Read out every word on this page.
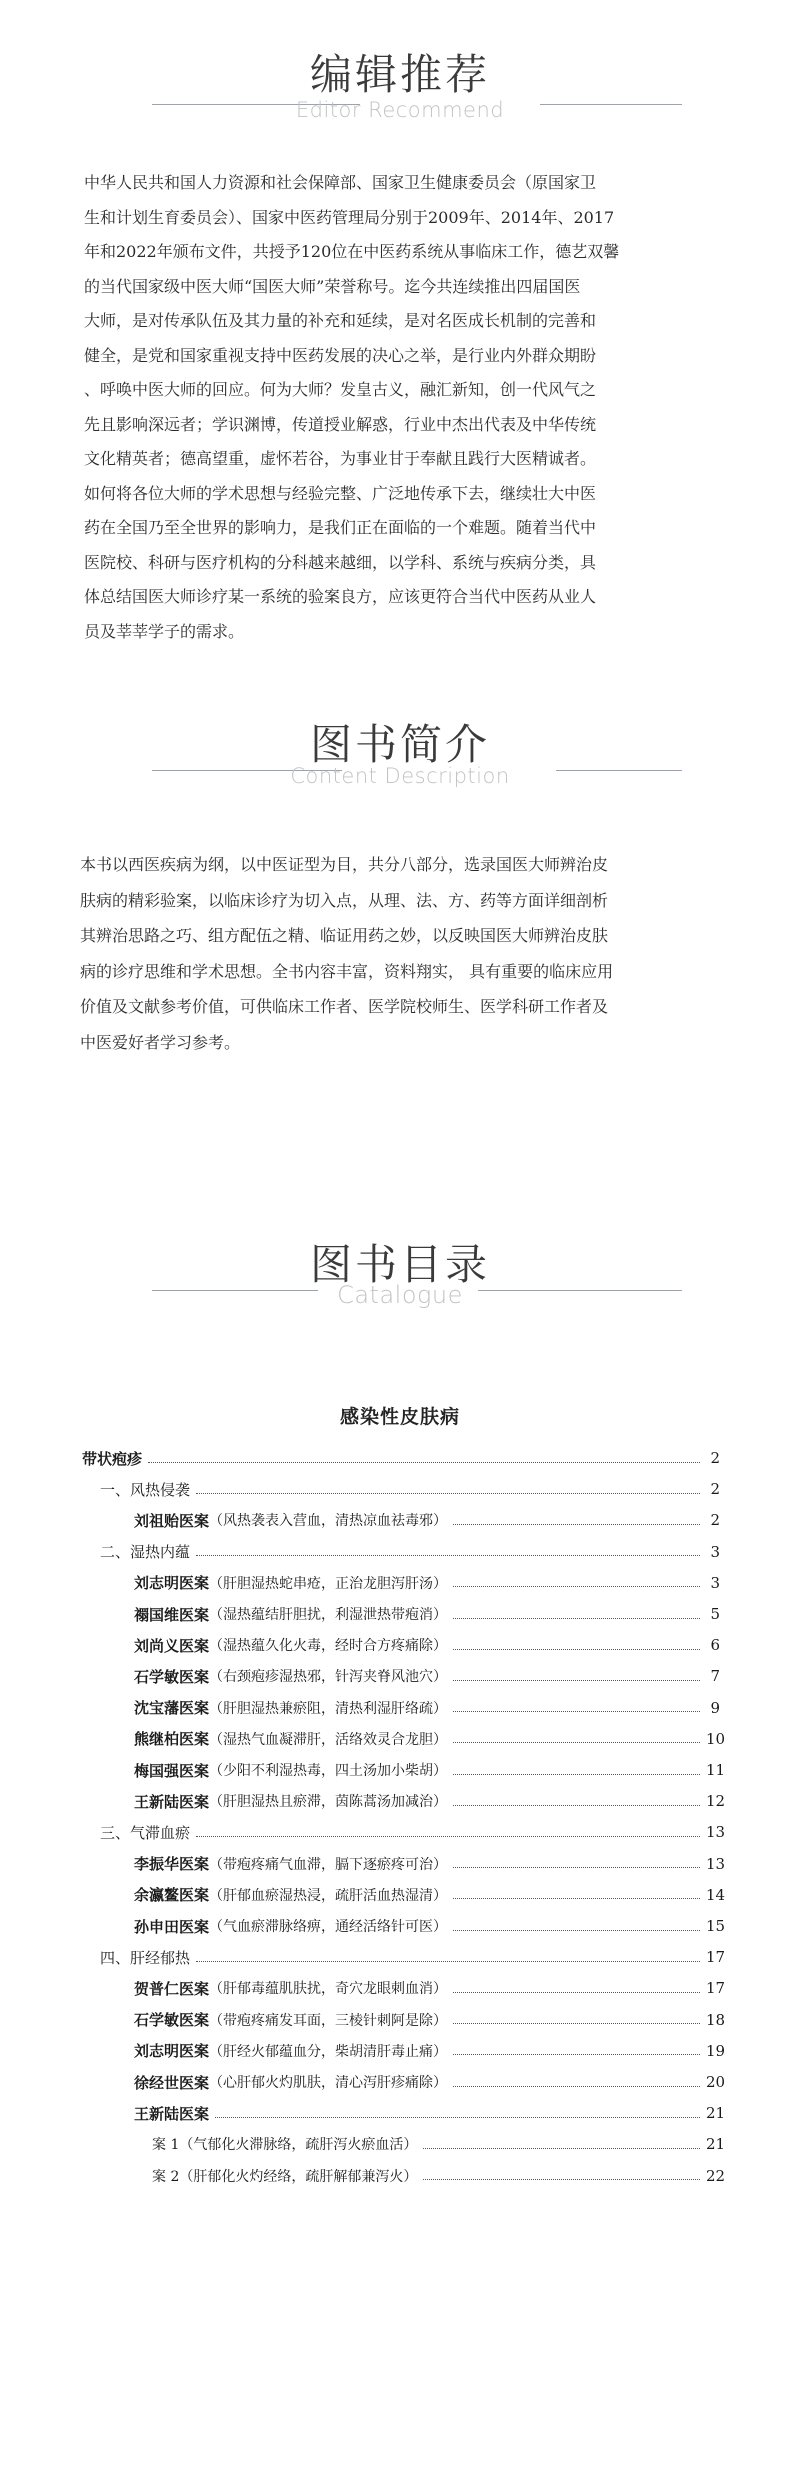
编辑推荐
Editor Recommend
中华人民共和国人力资源和社会保障部、国家卫生健康委员会（原国家卫
生和计划生育委员会）、国家中医药管理局分别于2009年、2014年、2017
年和2022年颁布文件，共授予120位在中医药系统从事临床工作，德艺双馨
的当代国家级中医大师“国医大师”荣誉称号。迄今共连续推出四届国医
大师，是对传承队伍及其力量的补充和延续，是对名医成长机制的完善和
健全，是党和国家重视支持中医药发展的决心之举，是行业内外群众期盼
、呼唤中医大师的回应。何为大师？发皇古义，融汇新知，创一代风气之
先且影响深远者；学识渊博，传道授业解惑，行业中杰出代表及中华传统
文化精英者；德高望重，虚怀若谷，为事业甘于奉献且践行大医精诚者。
如何将各位大师的学术思想与经验完整、广泛地传承下去，继续壮大中医
药在全国乃至全世界的影响力，是我们正在面临的一个难题。随着当代中
医院校、科研与医疗机构的分科越来越细，以学科、系统与疾病分类，具
体总结国医大师诊疗某一系统的验案良方，应该更符合当代中医药从业人
员及莘莘学子的需求。
图书简介
Content Description
本书以西医疾病为纲，以中医证型为目，共分八部分，选录国医大师辨治皮
肤病的精彩验案，以临床诊疗为切入点，从理、法、方、药等方面详细剖析
其辨治思路之巧、组方配伍之精、临证用药之妙，以反映国医大师辨治皮肤
病的诊疗思维和学术思想。全书内容丰富，资料翔实， 具有重要的临床应用
价值及文献参考价值，可供临床工作者、医学院校师生、医学科研工作者及
中医爱好者学习参考。
图书目录
Catalogue
感染性皮肤病
带状疱疹	2
一、风热侵袭	2
刘祖贻医案 （风热袭表入营血，清热凉血祛毒邪）	2
二、湿热内蕴	3
刘志明医案 （肝胆湿热蛇串疮，正治龙胆泻肝汤）	3
禤国维医案 （湿热蕴结肝胆扰，利湿泄热带疱消）	5
刘尚义医案 （湿热蕴久化火毒，经时合方疼痛除）	6
石学敏医案 （右颈疱疹湿热邪，针泻夹脊风池穴）	7
沈宝藩医案 （肝胆湿热兼瘀阻，清热利湿肝络疏）	9
熊继柏医案 （湿热气血凝滞肝，活络效灵合龙胆）	10
梅国强医案 （少阳不利湿热毒，四土汤加小柴胡）	11
王新陆医案 （肝胆湿热且瘀滞，茵陈蒿汤加减治）	12
三、气滞血瘀	13
李振华医案 （带疱疼痛气血滞，膈下逐瘀疼可治）	13
余瀛鳌医案 （肝郁血瘀湿热浸，疏肝活血热湿清）	14
孙申田医案 （气血瘀滞脉络痹，通经活络针可医）	15
四、肝经郁热	17
贺普仁医案 （肝郁毒蕴肌肤扰，奇穴龙眼刺血消）	17
石学敏医案 （带疱疼痛发耳面，三棱针刺阿是除）	18
刘志明医案 （肝经火郁蕴血分，柴胡清肝毒止痛）	19
徐经世医案 （心肝郁火灼肌肤，清心泻肝疹痛除）	20
王新陆医案	21
案 1（气郁化火滞脉络，疏肝泻火瘀血活）	21
案 2（肝郁化火灼经络，疏肝解郁兼泻火）	22
